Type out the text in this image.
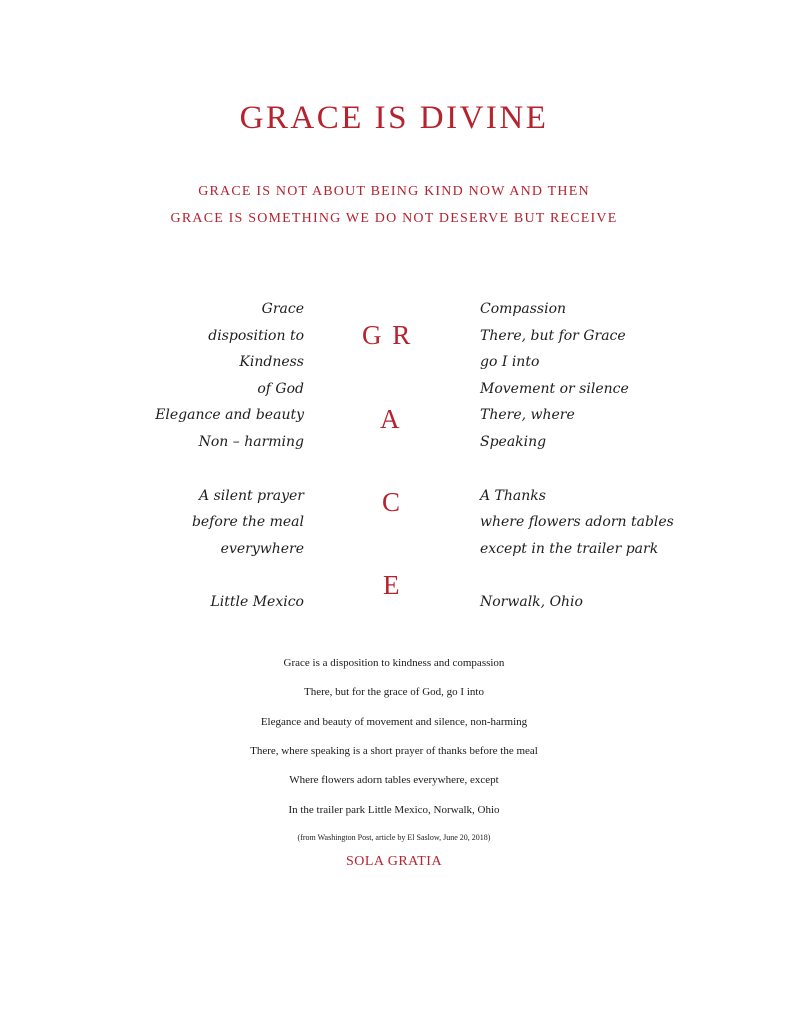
GRACE IS DIVINE
GRACE IS NOT ABOUT BEING KIND NOW AND THEN
GRACE IS SOMETHING WE DO NOT DESERVE BUT RECEIVE
Grace
disposition to
Kindness
of God
Elegance and beauty
Non – harming
A silent prayer
before the meal
everywhere
Little Mexico
G R
A
C
E
Compassion
There, but for Grace
go I into
Movement or silence
There, where
Speaking
A Thanks
where flowers adorn tables
except in the trailer park
Norwalk, Ohio
Grace is a disposition to kindness and compassion
There, but for the grace of God, go I into
Elegance and beauty of movement and silence, non-harming
There, where speaking is a short prayer of thanks before the meal
Where flowers adorn tables everywhere, except
In the trailer park Little Mexico, Norwalk, Ohio
(from Washington Post, article by El Saslow, June 20, 2018)
SOLA GRATIA
